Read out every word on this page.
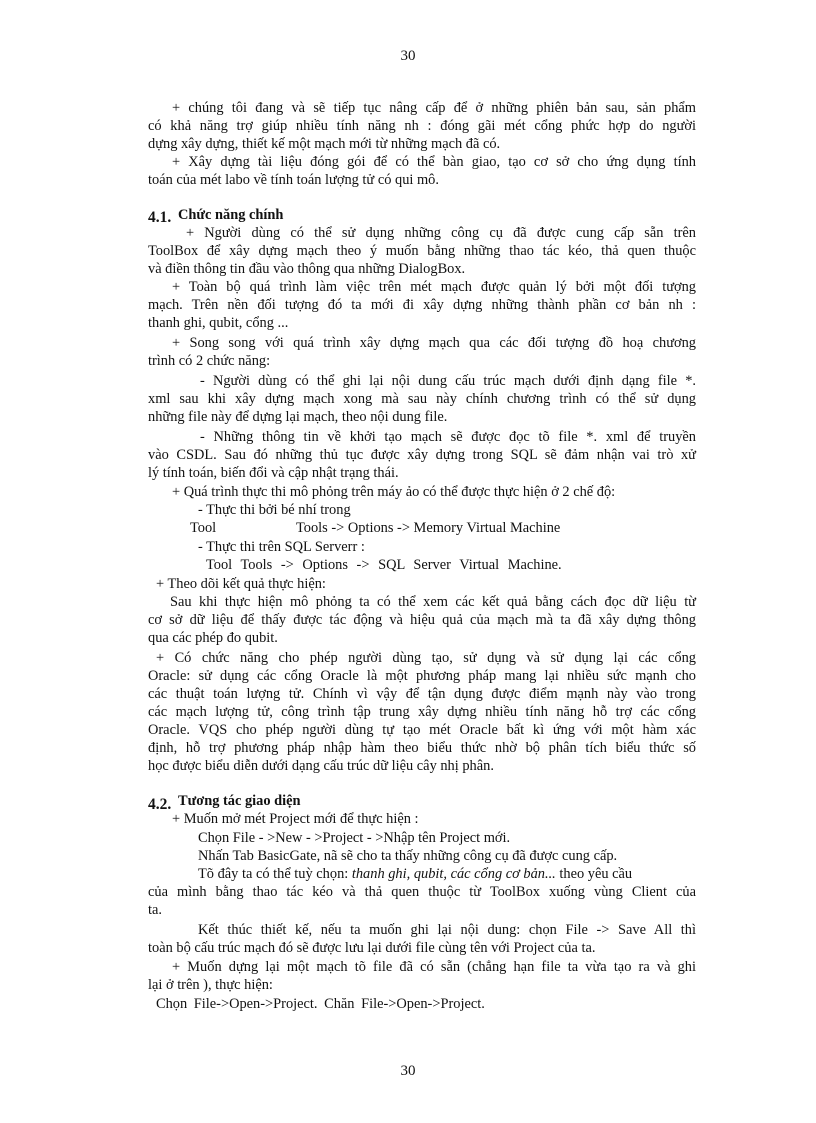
30
+ chúng tôi đang và sẽ tiếp tục nâng cấp để ở những phiên bản sau, sản phẩm
có khả năng trợ giúp nhiều tính năng nh : đóng gãi mét cổng phức hợp do người
dựng xây dựng, thiết kế một mạch mới từ những mạch đã có.
+ Xây dựng tài liệu đóng gói để có thể bàn giao, tạo cơ sở cho ứng dụng tính
toán của mét labo về tính toán lượng tử có qui mô.
4.1. Chức năng chính
+ Người dùng có thể sử dụng những công cụ đã được cung cấp sẵn trên
ToolBox để xây dựng mạch theo ý muốn bằng những thao tác kéo, thả quen thuộc
và điền thông tin đầu vào thông qua những DialogBox.
+ Toàn bộ quá trình làm việc trên mét mạch được quản lý bởi một đối tượng
mạch. Trên nền đối tượng đó ta mới đi xây dựng những thành phần cơ bản nh :
thanh ghi, qubit, cổng ...
+ Song song với quá trình xây dựng mạch qua các đối tượng đồ hoạ chương
trình có 2 chức năng:
- Người dùng có thể ghi lại nội dung cấu trúc mạch dưới định dạng file *.
xml sau khi xây dựng mạch xong mà sau này chính chương trình có thể sử dụng
những file này để dựng lại mạch, theo nội dung file.
- Những thông tin về khởi tạo mạch sẽ được đọc tõ file *. xml để truyền
vào CSDL. Sau đó những thủ tục được xây dựng trong SQL sẽ đảm nhận vai trò xử
lý tính toán, biến đổi và cập nhật trạng thái.
+ Quá trình thực thi mô phỏng trên máy ảo có thể được thực hiện ở 2 chế độ:
- Thực thi bởi bé nhí trong
Tool	Tools -> Options -> Memory Virtual Machine
- Thực thi trên SQL Serverr :
Tool Tools -> Options -> SQL Server Virtual Machine.
+ Theo dõi kết quả thực hiện:
Sau khi thực hiện mô phỏng ta có thể xem các kết quả bằng cách đọc dữ liệu từ
cơ sở dữ liệu để thấy được tác động và hiệu quả của mạch mà ta đã xây dựng thông
qua các phép đo qubit.
+ Có chức năng cho phép người dùng tạo, sử dụng và sử dụng lại các cổng
Oracle: sử dụng các cổng Oracle là một phương pháp mang lại nhiều sức mạnh cho
các thuật toán lượng tử. Chính vì vậy để tận dụng được điểm mạnh này vào trong
các mạch lượng tử, công trình tập trung xây dựng nhiều tính năng hỗ trợ các cổng
Oracle. VQS cho phép người dùng tự tạo mét Oracle bất kì ứng với một hàm xác
định, hỗ trợ phương pháp nhập hàm theo biểu thức nhờ bộ phân tích biểu thức số
học được biểu diễn dưới dạng cấu trúc dữ liệu cây nhị phân.
4.2. Tương tác giao diện
+ Muốn mở mét Project mới để thực hiện :
Chọn File - >New - >Project - >Nhập tên Project mới.
Nhấn Tab BasicGate, nã sẽ cho ta thấy những công cụ đã được cung cấp.
Tõ đây ta có thể tuỳ chọn: thanh ghi, qubit, các cổng cơ bản... theo yêu cầu
của mình bằng thao tác kéo và thả quen thuộc từ ToolBox xuống vùng Client của
ta.
Kết thúc thiết kế, nếu ta muốn ghi lại nội dung: chọn File -> Save All thì
toàn bộ cấu trúc mạch đó sẽ được lưu lại dưới file cùng tên với Project của ta.
+ Muốn dựng lại một mạch tõ file đã có sẵn (chẳng hạn file ta vừa tạo ra và ghi
lại ở trên ), thực hiện:
Chọn File->Open->Project. Chăn File->Open->Project.
30
